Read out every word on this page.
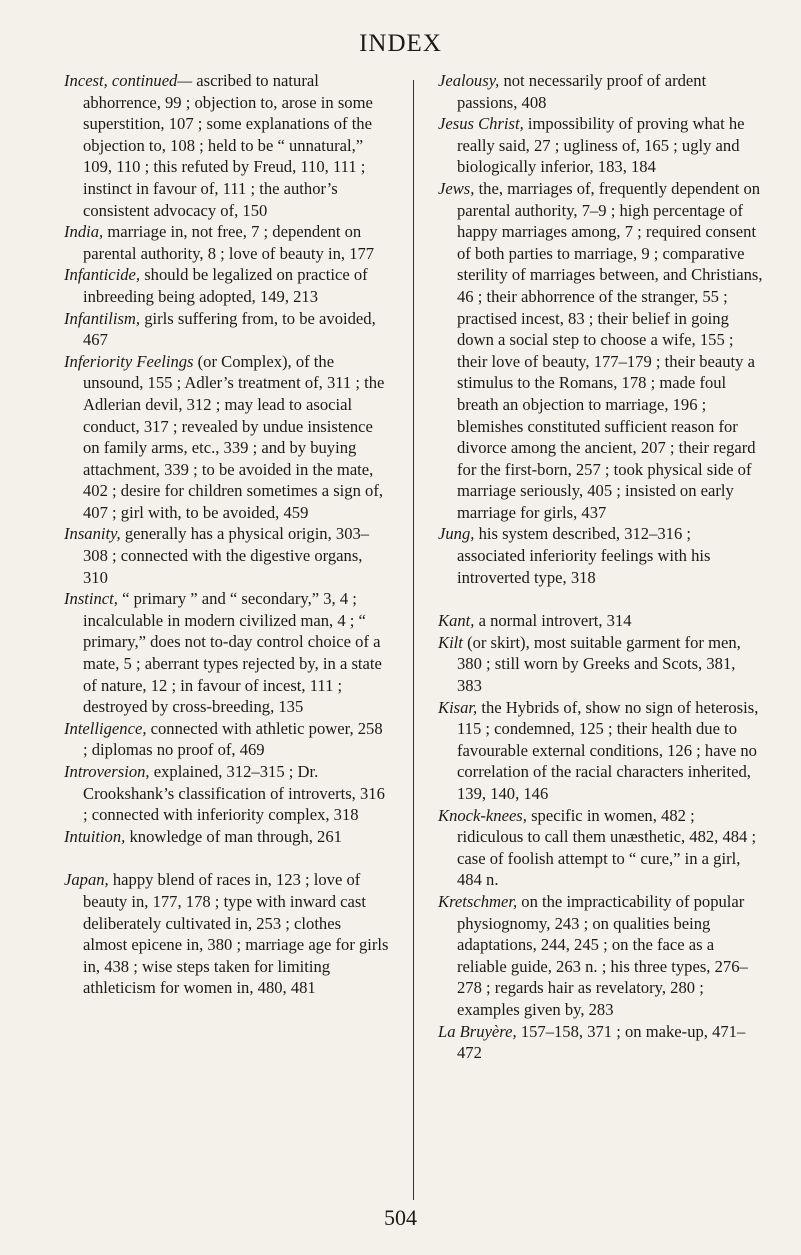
INDEX

Incest, continued— ascribed to natural abhorrence, 99 ; objection to, arose in some superstition, 107 ; some explanations of the objection to, 108 ; held to be “ unnatural,” 109, 110 ; this refuted by Freud, 110, 111 ; instinct in favour of, 111 ; the author’s consistent advocacy of, 150

India, marriage in, not free, 7 ; dependent on parental authority, 8 ; love of beauty in, 177

Infanticide, should be legalized on practice of inbreeding being adopted, 149, 213

Infantilism, girls suffering from, to be avoided, 467

Inferiority Feelings (or Complex), of the unsound, 155 ; Adler’s treatment of, 311 ; the Adlerian devil, 312 ; may lead to asocial conduct, 317 ; revealed by undue insistence on family arms, etc., 339 ; and by buying attachment, 339 ; to be avoided in the mate, 402 ; desire for children sometimes a sign of, 407 ; girl with, to be avoided, 459

Insanity, generally has a physical origin, 303–308 ; connected with the digestive organs, 310

Instinct, “ primary ” and “ secondary,” 3, 4 ; incalculable in modern civilized man, 4 ; “ primary,” does not to-day control choice of a mate, 5 ; aberrant types rejected by, in a state of nature, 12 ; in favour of incest, 111 ; destroyed by cross-breeding, 135

Intelligence, connected with athletic power, 258 ; diplomas no proof of, 469

Introversion, explained, 312–315 ; Dr. Crookshank’s classification of introverts, 316 ; connected with inferiority complex, 318

Intuition, knowledge of man through, 261

Japan, happy blend of races in, 123 ; love of beauty in, 177, 178 ; type with inward cast deliberately cultivated in, 253 ; clothes almost epicene in, 380 ; marriage age for girls in, 438 ; wise steps taken for limiting athleticism for women in, 480, 481

Jealousy, not necessarily proof of ardent passions, 408

Jesus Christ, impossibility of proving what he really said, 27 ; ugliness of, 165 ; ugly and biologically inferior, 183, 184

Jews, the, marriages of, frequently dependent on parental authority, 7–9 ; high percentage of happy marriages among, 7 ; required consent of both parties to marriage, 9 ; comparative sterility of marriages between, and Christians, 46 ; their abhorrence of the stranger, 55 ; practised incest, 83 ; their belief in going down a social step to choose a wife, 155 ; their love of beauty, 177–179 ; their beauty a stimulus to the Romans, 178 ; made foul breath an objection to marriage, 196 ; blemishes constituted sufficient reason for divorce among the ancient, 207 ; their regard for the first-born, 257 ; took physical side of marriage seriously, 405 ; insisted on early marriage for girls, 437

Jung, his system described, 312–316 ; associated inferiority feelings with his introverted type, 318

Kant, a normal introvert, 314

Kilt (or skirt), most suitable garment for men, 380 ; still worn by Greeks and Scots, 381, 383

Kisar, the Hybrids of, show no sign of heterosis, 115 ; condemned, 125 ; their health due to favourable external conditions, 126 ; have no correlation of the racial characters inherited, 139, 140, 146

Knock-knees, specific in women, 482 ; ridiculous to call them unæsthetic, 482, 484 ; case of foolish attempt to “ cure,” in a girl, 484 n.

Kretschmer, on the impracticability of popular physiognomy, 243 ; on qualities being adaptations, 244, 245 ; on the face as a reliable guide, 263 n. ; his three types, 276–278 ; regards hair as revelatory, 280 ; examples given by, 283

La Bruyère, 157–158, 371 ; on make-up, 471–472

504
